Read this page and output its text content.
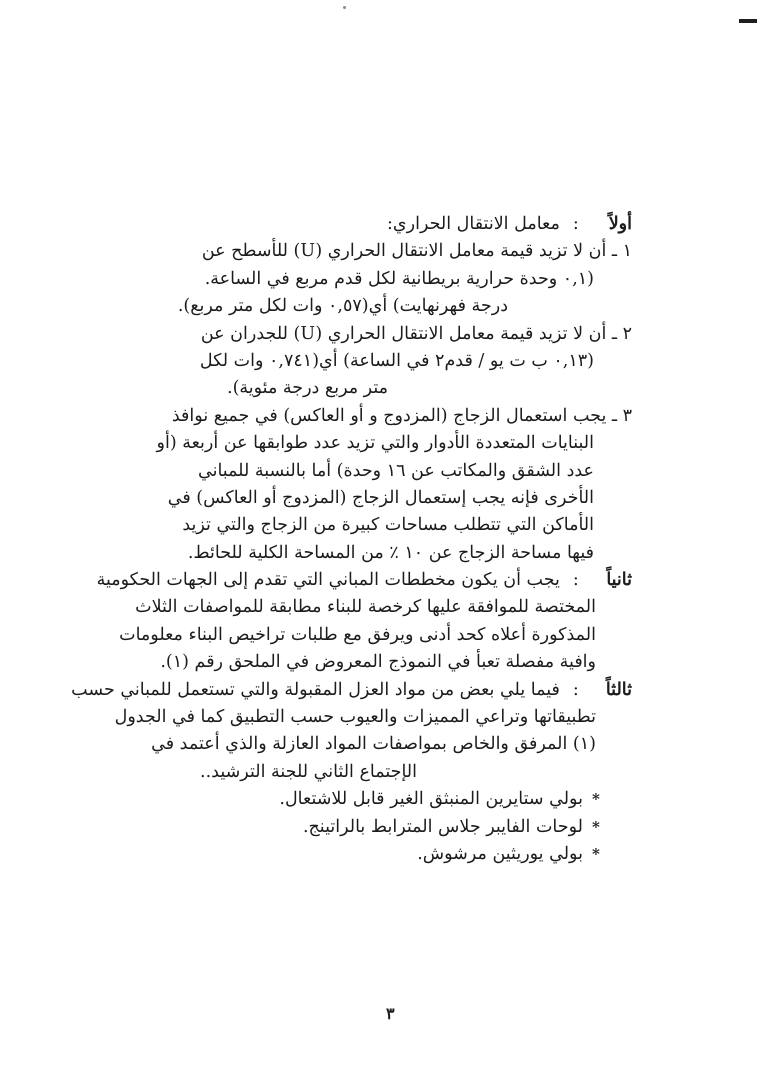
أولاً
:
معامل الانتقال الحراري:
١ ـ أن لا تزيد قيمة معامل الانتقال الحراري (U) للأسطح عن
(٠,١ وحدة حرارية بريطانية لكل قدم مربع في الساعة.
درجة فهرنهايت) أي(٠,٥٧ وات لكل متر مربع).
٢ ـ أن لا تزيد قيمة معامل الانتقال الحراري (U) للجدران عن
(٠,١٣ ب ت يو / قدم٢ في الساعة) أي(٠,٧٤١ وات لكل
متر مربع درجة مئوية).
٣ ـ يجب استعمال الزجاج (المزدوج و أو العاكس) في جميع نوافذ
البنايات المتعددة الأدوار والتي تزيد عدد طوابقها عن أربعة (أو
عدد الشقق والمكاتب عن ١٦ وحدة) أما بالنسبة للمباني
الأخرى فإنه يجب إستعمال الزجاج (المزدوج أو العاكس) في
الأماكن التي تتطلب مساحات كبيرة من الزجاج والتي تزيد
فيها مساحة الزجاج عن ١٠ ٪ من المساحة الكلية للحائط.
ثانياً
:
يجب أن يكون مخططات المباني التي تقدم إلى الجهات الحكومية
المختصة للموافقة عليها كرخصة للبناء مطابقة للمواصفات الثلاث
المذكورة أعلاه كحد أدنى ويرفق مع طلبات تراخيص البناء معلومات
وافية مفصلة تعبأ في النموذج المعروض في الملحق رقم (١).
ثالثاً
:
فيما يلي بعض من مواد العزل المقبولة والتي تستعمل للمباني حسب
تطبيقاتها وتراعي المميزات والعيوب حسب التطبيق كما في الجدول
(١) المرفق والخاص بمواصفات المواد العازلة والذي أعتمد في
الإجتماع الثاني للجنة الترشيد..
*
بولي ستايرين المنبثق الغير قابل للاشتعال.
*
لوحات الفايبر جلاس المترابط بالراتينج.
*
بولي يوريثين مرشوش.
٣
